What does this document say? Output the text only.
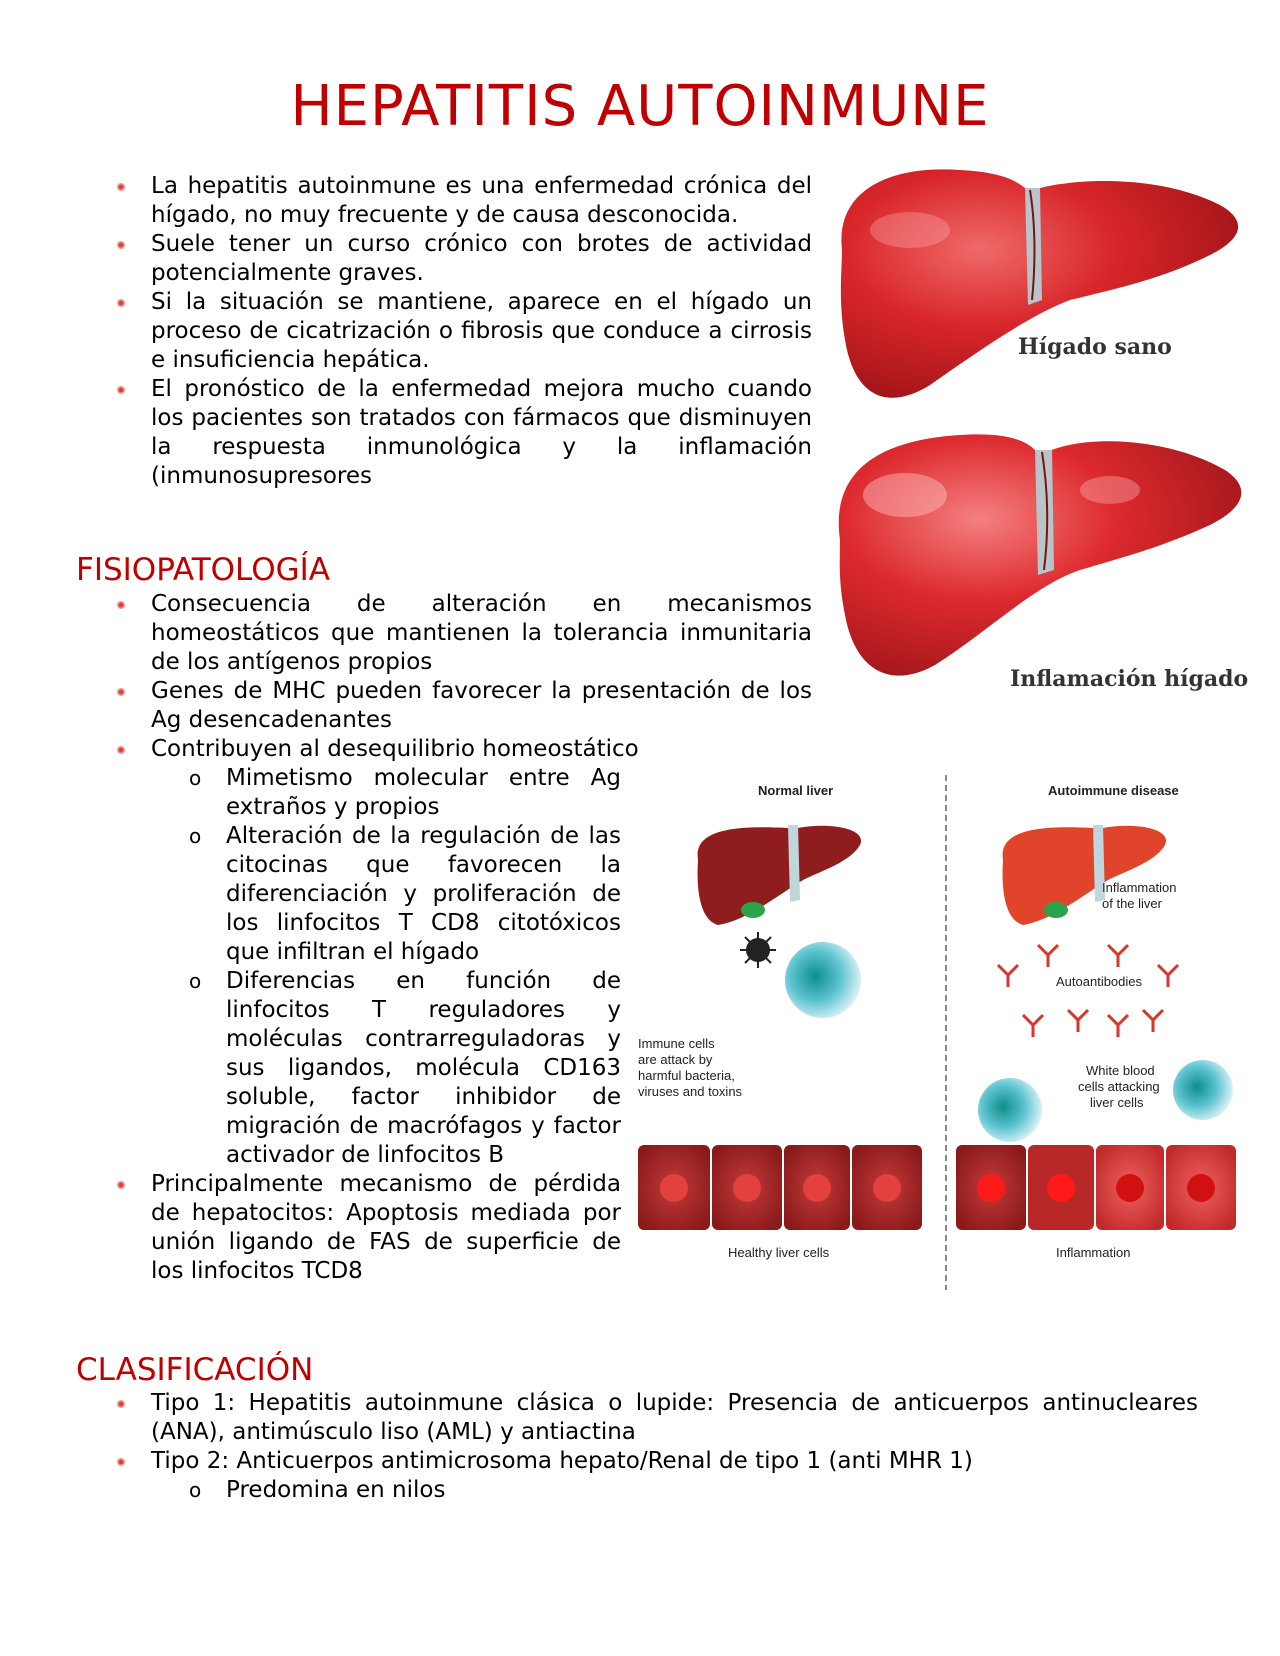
HEPATITIS AUTOINMUNE
La hepatitis autoinmune es una enfermedad crónica del hígado, no muy frecuente y de causa desconocida.
Suele tener un curso crónico con brotes de actividad potencialmente graves.
Si la situación se mantiene, aparece en el hígado un proceso de cicatrización o fibrosis que conduce a cirrosis e insuficiencia hepática.
El pronóstico de la enfermedad mejora mucho cuando los pacientes son tratados con fármacos que disminuyen la respuesta inmunológica y la inflamación (inmunosupresores
FISIOPATOLOGÍA
Consecuencia de alteración en mecanismos homeostáticos que mantienen la tolerancia inmunitaria de los antígenos propios
Genes de MHC pueden favorecer la presentación de los Ag desencadenantes
Contribuyen al desequilibrio homeostático
o Mimetismo molecular entre Ag extraños y propios
o Alteración de la regulación de las citocinas que favorecen la diferenciación y proliferación de los linfocitos T CD8 citotóxicos que infiltran el hígado
o Diferencias en función de linfocitos T reguladores y moléculas contrarreguladoras y sus ligandos, molécula CD163 soluble, factor inhibidor de migración de macrófagos y factor activador de linfocitos B
Principalmente mecanismo de pérdida de hepatocitos: Apoptosis mediada por unión ligando de FAS de superficie de los linfocitos TCD8
CLASIFICACIÓN
Tipo 1: Hepatitis autoinmune clásica o lupide: Presencia de anticuerpos antinucleares (ANA), antimúsculo liso (AML) y antiactina
Tipo 2: Anticuerpos antimicrosoma hepato/Renal de tipo 1 (anti MHR 1)
o Predomina en nilos
Hígado sano
Inflamación hígado
Normal liver	Autoimmune disease
Inflammation
of the liver
Immune cells
are attack by
harmful bacteria,
viruses and toxins
Autoantibodies
White blood
cells attacking
liver cells
Healthy liver cells	Inflammation
